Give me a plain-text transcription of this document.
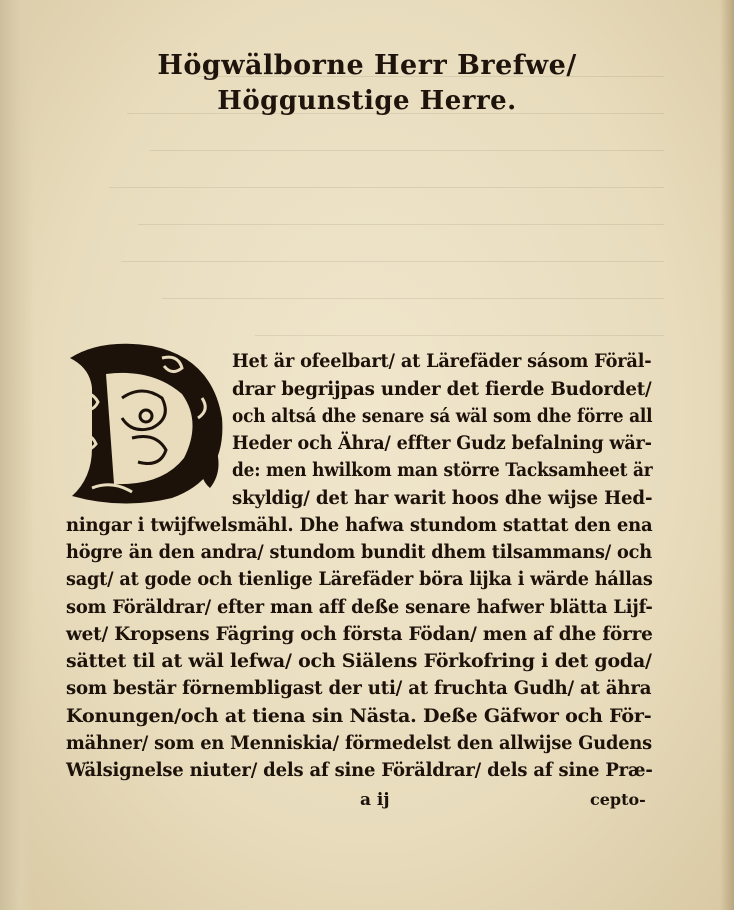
Högwälborne Herr Brefwe/
Höggunstige Herre.
Het är ofeelbart/ at Lärefäder sásom Föräl-
drar begrijpas under det fierde Budordet/
och altsá dhe senare sá wäl som dhe förre all
Heder och Ähra/ effter Gudz befalning wär-
de: men hwilkom man större Tacksamheet är
skyldig/ det har warit hoos dhe wijse Hed-
ningar i twijfwelsmähl. Dhe hafwa stundom stattat den ena
högre än den andra/ stundom bundit dhem tilsammans/ och
sagt/ at gode och tienlige Lärefäder böra lijka i wärde hállas
som Föräldrar/ efter man aff deße senare hafwer blätta Lijf-
wet/ Kropsens Fägring och första Födan/ men af dhe förre
sättet til at wäl lefwa/ och Siälens Förkofring i det goda/
som bestär förnembligast der uti/ at fruchta Gudh/ at ähra
Konungen/och at tiena sin Nästa. Deße Gäfwor och För-
mähner/ som en Menniskia/ förmedelst den allwijse Gudens
Wälsignelse niuter/ dels af sine Föräldrar/ dels af sine Præ-
a ij	cepto-
